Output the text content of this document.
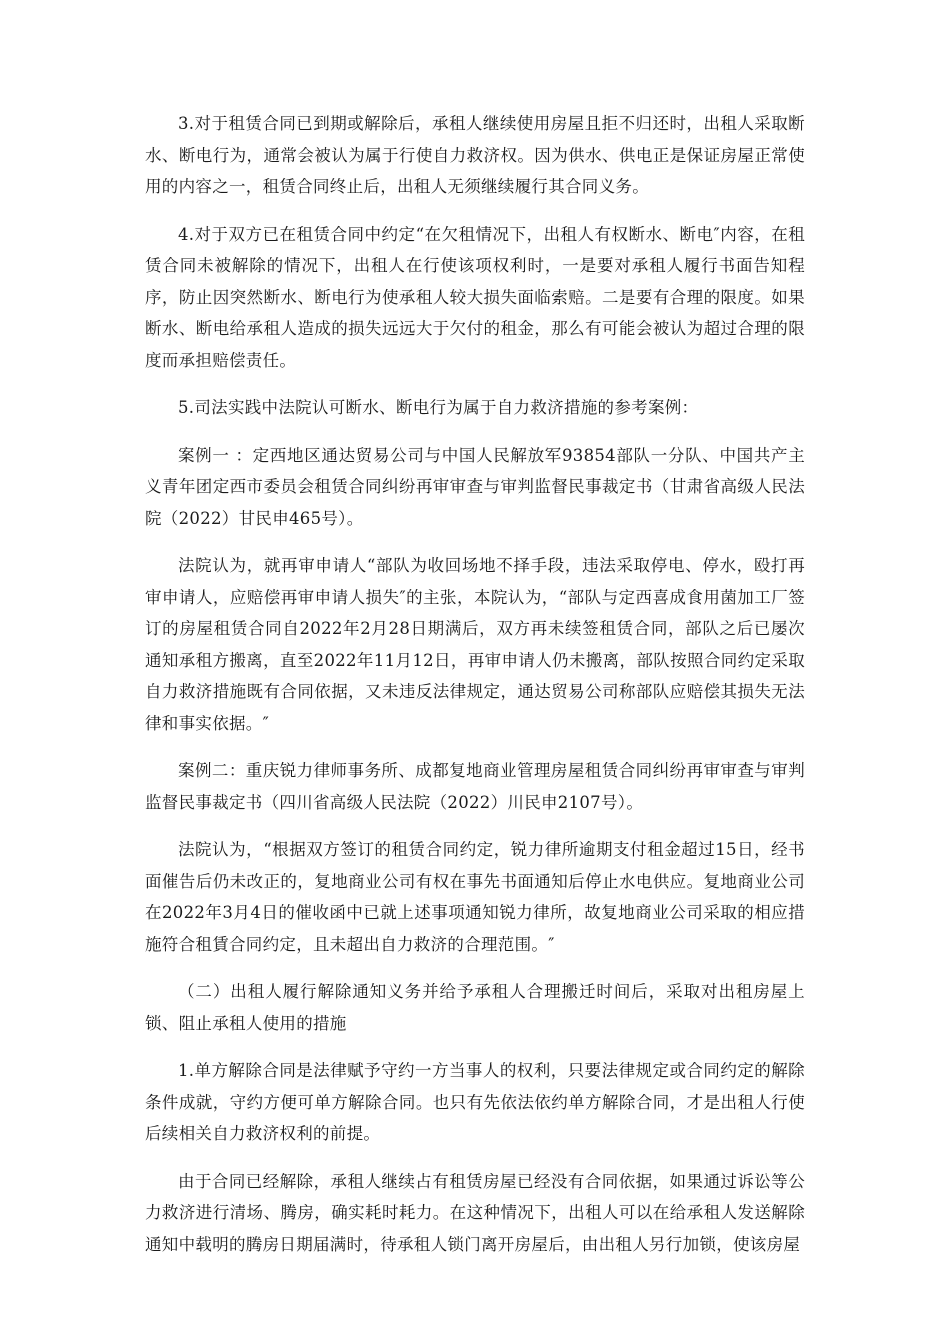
3.对于租赁合同已到期或解除后，承租人继续使用房屋且拒不归还时，出租人采取断水、断电行为，通常会被认为属于行使自力救济权。因为供水、供电正是保证房屋正常使用的内容之一，租赁合同终止后，出租人无须继续履行其合同义务。

4.对于双方已在租赁合同中约定“在欠租情况下，出租人有权断水、断电″内容，在租赁合同未被解除的情况下，出租人在行使该项权利时，一是要对承租人履行书面告知程序，防止因突然断水、断电行为使承租人较大损失面临索赔。二是要有合理的限度。如果断水、断电给承租人造成的损失远远大于欠付的租金，那么有可能会被认为超过合理的限度而承担赔偿责任。

5.司法实践中法院认可断水、断电行为属于自力救济措施的参考案例：

案例一 ：定西地区通达贸易公司与中国人民解放军93854部队一分队、中国共产主义青年团定西市委员会租赁合同纠纷再审审查与审判监督民事裁定书（甘肃省高级人民法院（2022）甘民申465号）。

法院认为，就再审申请人“部队为收回场地不择手段，违法采取停电、停水，殴打再审申请人，应赔偿再审申请人损失″的主张，本院认为，“部队与定西喜成食用菌加工厂签订的房屋租赁合同自2022年2月28日期满后，双方再未续签租赁合同，部队之后已屡次通知承租方搬离，直至2022年11月12日，再审申请人仍未搬离，部队按照合同约定采取自力救济措施既有合同依据，又未违反法律规定，通达贸易公司称部队应赔偿其损失无法律和事实依据。″

案例二：重庆锐力律师事务所、成都复地商业管理房屋租赁合同纠纷再审审查与审判监督民事裁定书（四川省高级人民法院（2022）川民申2107号）。

法院认为，“根据双方签订的租赁合同约定，锐力律所逾期支付租金超过15日，经书面催告后仍未改正的，复地商业公司有权在事先书面通知后停止水电供应。复地商业公司在2022年3月4日的催收函中已就上述事项通知锐力律所，故复地商业公司采取的相应措施符合租賃合同约定，且未超出自力救济的合理范围。″

（二）出租人履行解除通知义务并给予承租人合理搬迁时间后，采取对出租房屋上锁、阻止承租人使用的措施

1.单方解除合同是法律赋予守约一方当事人的权利，只要法律规定或合同约定的解除条件成就，守约方便可单方解除合同。也只有先依法依约单方解除合同，才是出租人行使后续相关自力救济权利的前提。

由于合同已经解除，承租人继续占有租赁房屋已经没有合同依据，如果通过诉讼等公力救济进行清场、腾房，确实耗时耗力。在这种情况下，出租人可以在给承租人发送解除通知中载明的腾房日期届满时，待承租人锁门离开房屋后，由出租人另行加锁，使该房屋
